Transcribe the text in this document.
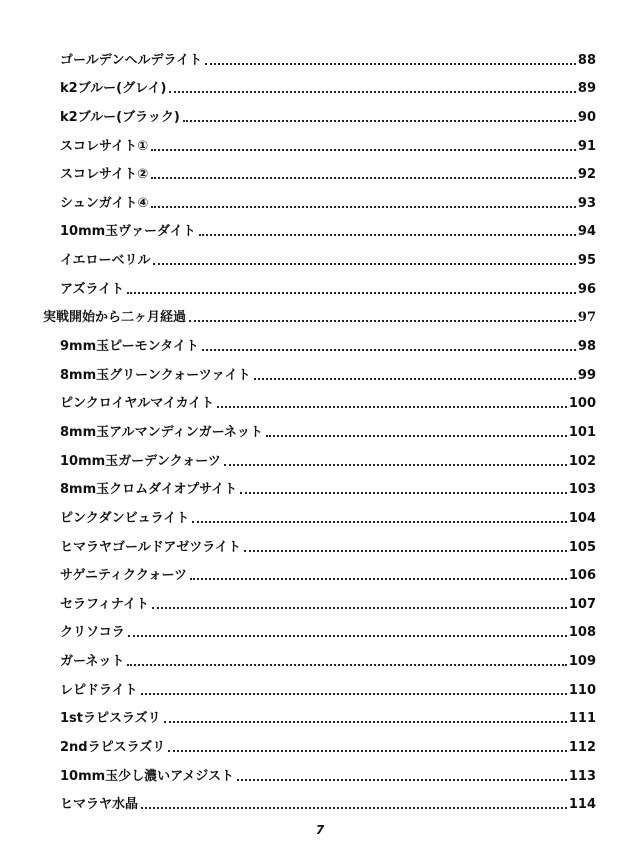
ゴールデンヘルデライト	88
k2ブルー(グレイ)	89
k2ブルー(ブラック)	90
スコレサイト①	91
スコレサイト②	92
シュンガイト④	93
10mm玉ヴァーダイト	94
イエローベリル	95
アズライト	96
実戦開始から二ヶ月経過	97
9mm玉ピーモンタイト	98
8mm玉グリーンクォーツァイト	99
ピンクロイヤルマイカイト	100
8mm玉アルマンディンガーネット	101
10mm玉ガーデンクォーツ	102
8mm玉クロムダイオプサイト	103
ピンクダンビュライト	104
ヒマラヤゴールドアゼツライト	105
サゲニティククォーツ	106
セラフィナイト	107
クリソコラ	108
ガーネット	109
レピドライト	110
1stラピスラズリ	111
2ndラピスラズリ	112
10mm玉少し濃いアメジスト	113
ヒマラヤ水晶	114
7
